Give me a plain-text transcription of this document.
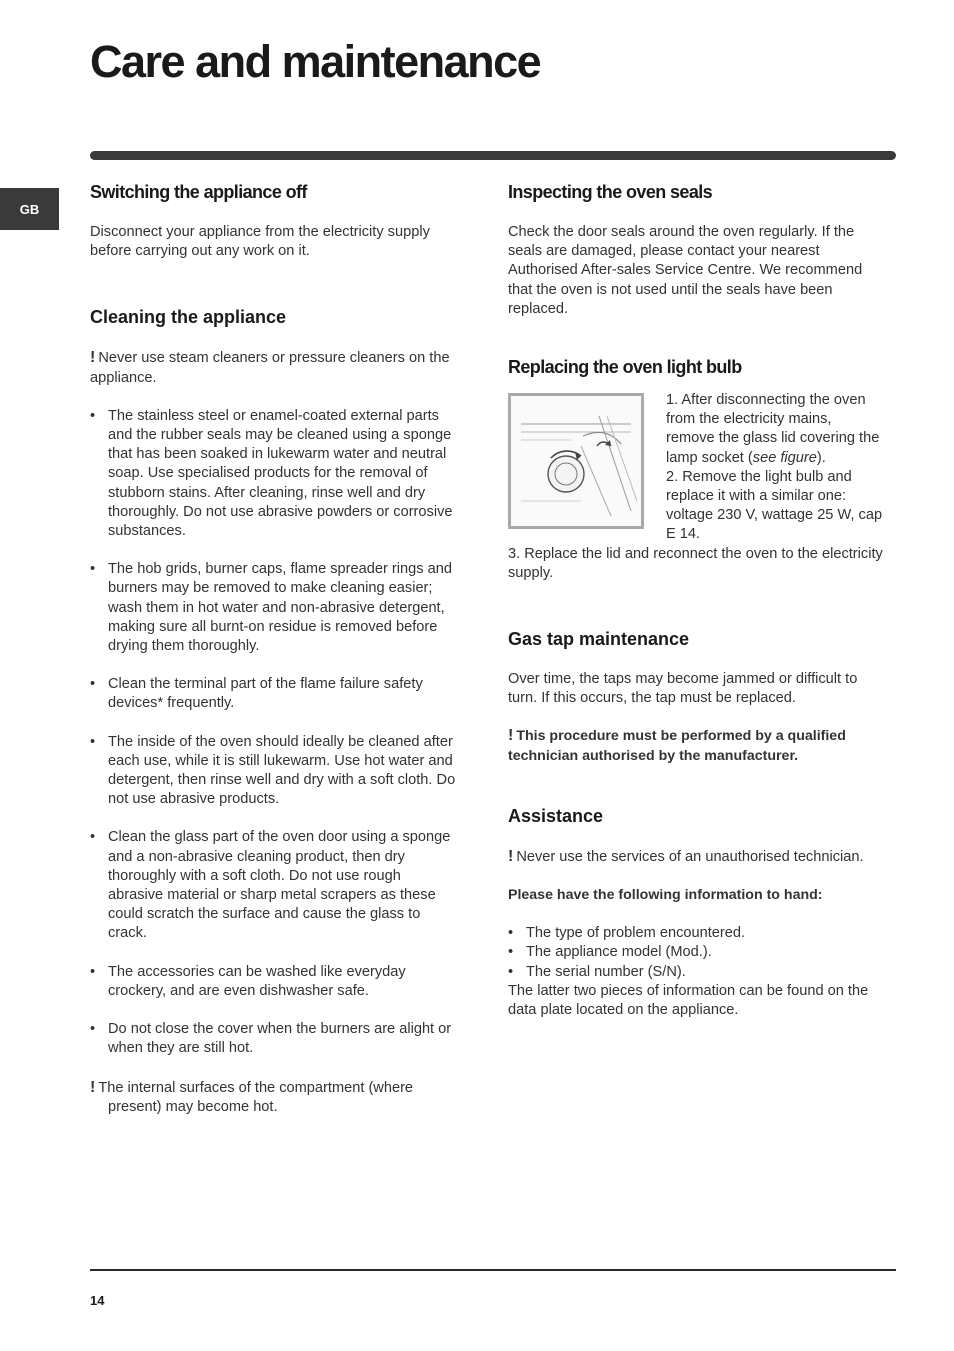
Care and maintenance
GB
Switching the appliance off

Disconnect your appliance from the electricity supply before carrying out any work on it.

Cleaning the appliance

! Never use steam cleaners or pressure cleaners on the appliance.

• The stainless steel or enamel-coated external parts and the rubber seals may be cleaned using a sponge that has been soaked in lukewarm water and neutral soap. Use specialised products for the removal of stubborn stains. After cleaning, rinse well and dry thoroughly. Do not use abrasive powders or corrosive substances.
• The hob grids, burner caps, flame spreader rings and burners may be removed to make cleaning easier; wash them in hot water and non-abrasive detergent, making sure all burnt-on residue is removed before drying them thoroughly.
• Clean the terminal part of the flame failure safety devices* frequently.
• The inside of the oven should ideally be cleaned after each use, while it is still lukewarm. Use hot water and detergent, then rinse well and dry with a soft cloth. Do not use abrasive products.
• Clean the glass part of the oven door using a sponge and a non-abrasive cleaning product, then dry thoroughly with a soft cloth. Do not use rough abrasive material or sharp metal scrapers as these could scratch the surface and cause the glass to crack.
• The accessories can be washed like everyday crockery, and are even dishwasher safe.
• Do not close the cover when the burners are alight or when they are still hot.

! The internal surfaces of the compartment (where present) may become hot.

Inspecting the oven seals

Check the door seals around the oven regularly. If the seals are damaged, please contact your nearest Authorised After-sales Service Centre. We recommend that the oven is not used until the seals have been replaced.

Replacing the oven light bulb

1. After disconnecting the oven from the electricity mains, remove the glass lid covering the lamp socket (see figure).

2. Remove the light bulb and replace it with a similar one: voltage 230 V, wattage 25 W, cap E 14.

3. Replace the lid and reconnect the oven to the electricity supply.

Gas tap maintenance

Over time, the taps may become jammed or difficult to turn. If this occurs, the tap must be replaced.

! This procedure must be performed by a qualified technician authorised by the manufacturer.

Assistance

! Never use the services of an unauthorised technician.

Please have the following information to hand:

• The type of problem encountered.
• The appliance model (Mod.).
• The serial number (S/N).

The latter two pieces of information can be found on the data plate located on the appliance.

14
